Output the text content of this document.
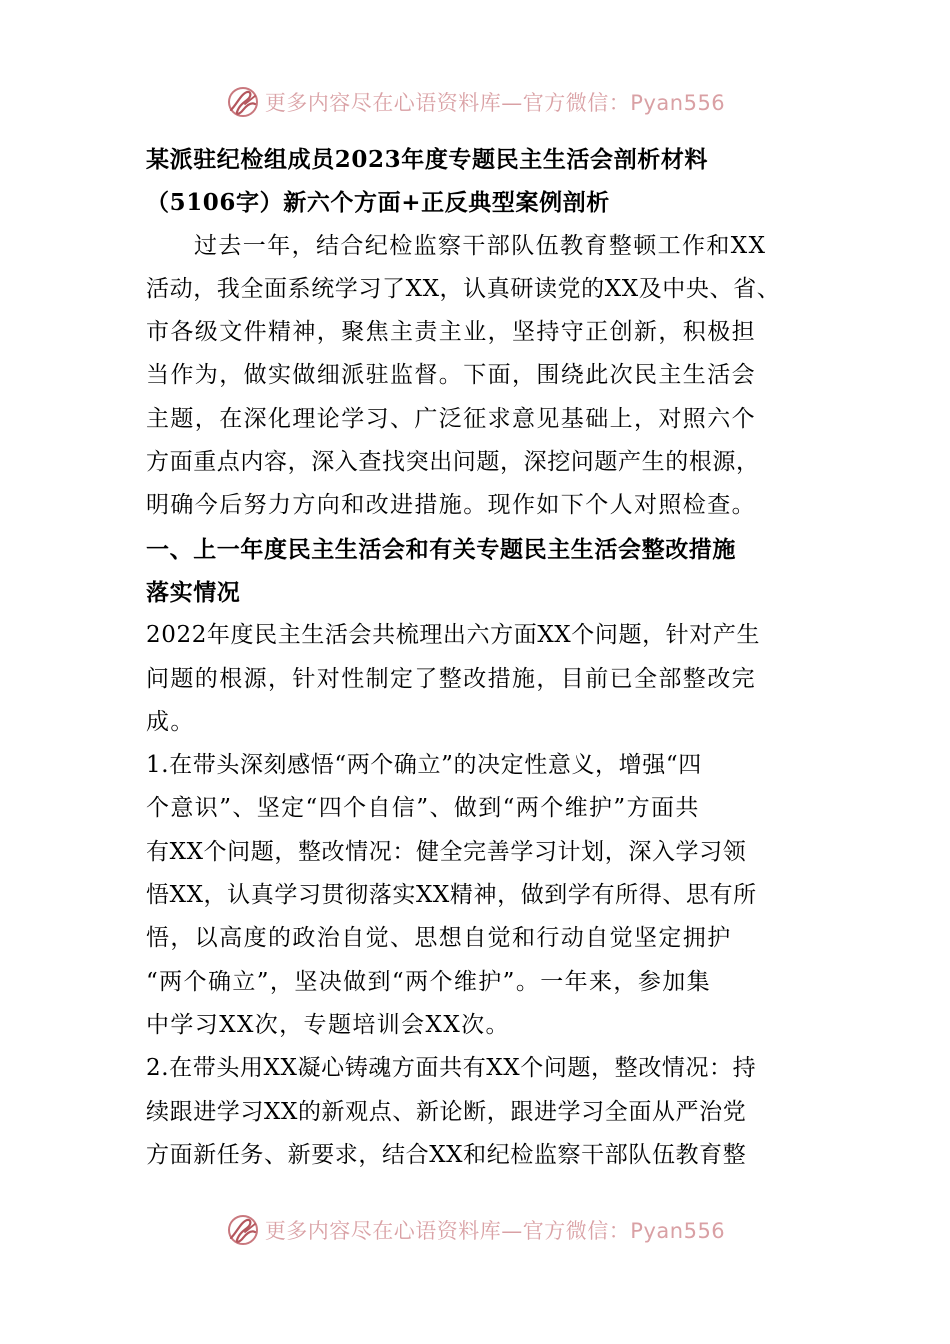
更多内容尽在心语资料库—官方微信：Pyan556
某派驻纪检组成员2023年度专题民主生活会剖析材料
（5106字）新六个方面+正反典型案例剖析
过去一年，结合纪检监察干部队伍教育整顿工作和XX
活动，我全面系统学习了XX，认真研读党的XX及中央、省、
市各级文件精神，聚焦主责主业，坚持守正创新，积极担
当作为，做实做细派驻监督。下面，围绕此次民主生活会
主题，在深化理论学习、广泛征求意见基础上，对照六个
方面重点内容，深入查找突出问题，深挖问题产生的根源，
明确今后努力方向和改进措施。现作如下个人对照检查。
一、上一年度民主生活会和有关专题民主生活会整改措施
落实情况
2022年度民主生活会共梳理出六方面XX个问题，针对产生
问题的根源，针对性制定了整改措施，目前已全部整改完
成。
1.在带头深刻感悟“两个确立”的决定性意义，增强“四
个意识”、坚定“四个自信”、做到“两个维护”方面共
有XX个问题，整改情况：健全完善学习计划，深入学习领
悟XX，认真学习贯彻落实XX精神，做到学有所得、思有所
悟，以高度的政治自觉、思想自觉和行动自觉坚定拥护
“两个确立”，坚决做到“两个维护”。一年来，参加集
中学习XX次，专题培训会XX次。
2.在带头用XX凝心铸魂方面共有XX个问题，整改情况：持
续跟进学习XX的新观点、新论断，跟进学习全面从严治党
方面新任务、新要求，结合XX和纪检监察干部队伍教育整
更多内容尽在心语资料库—官方微信：Pyan556
